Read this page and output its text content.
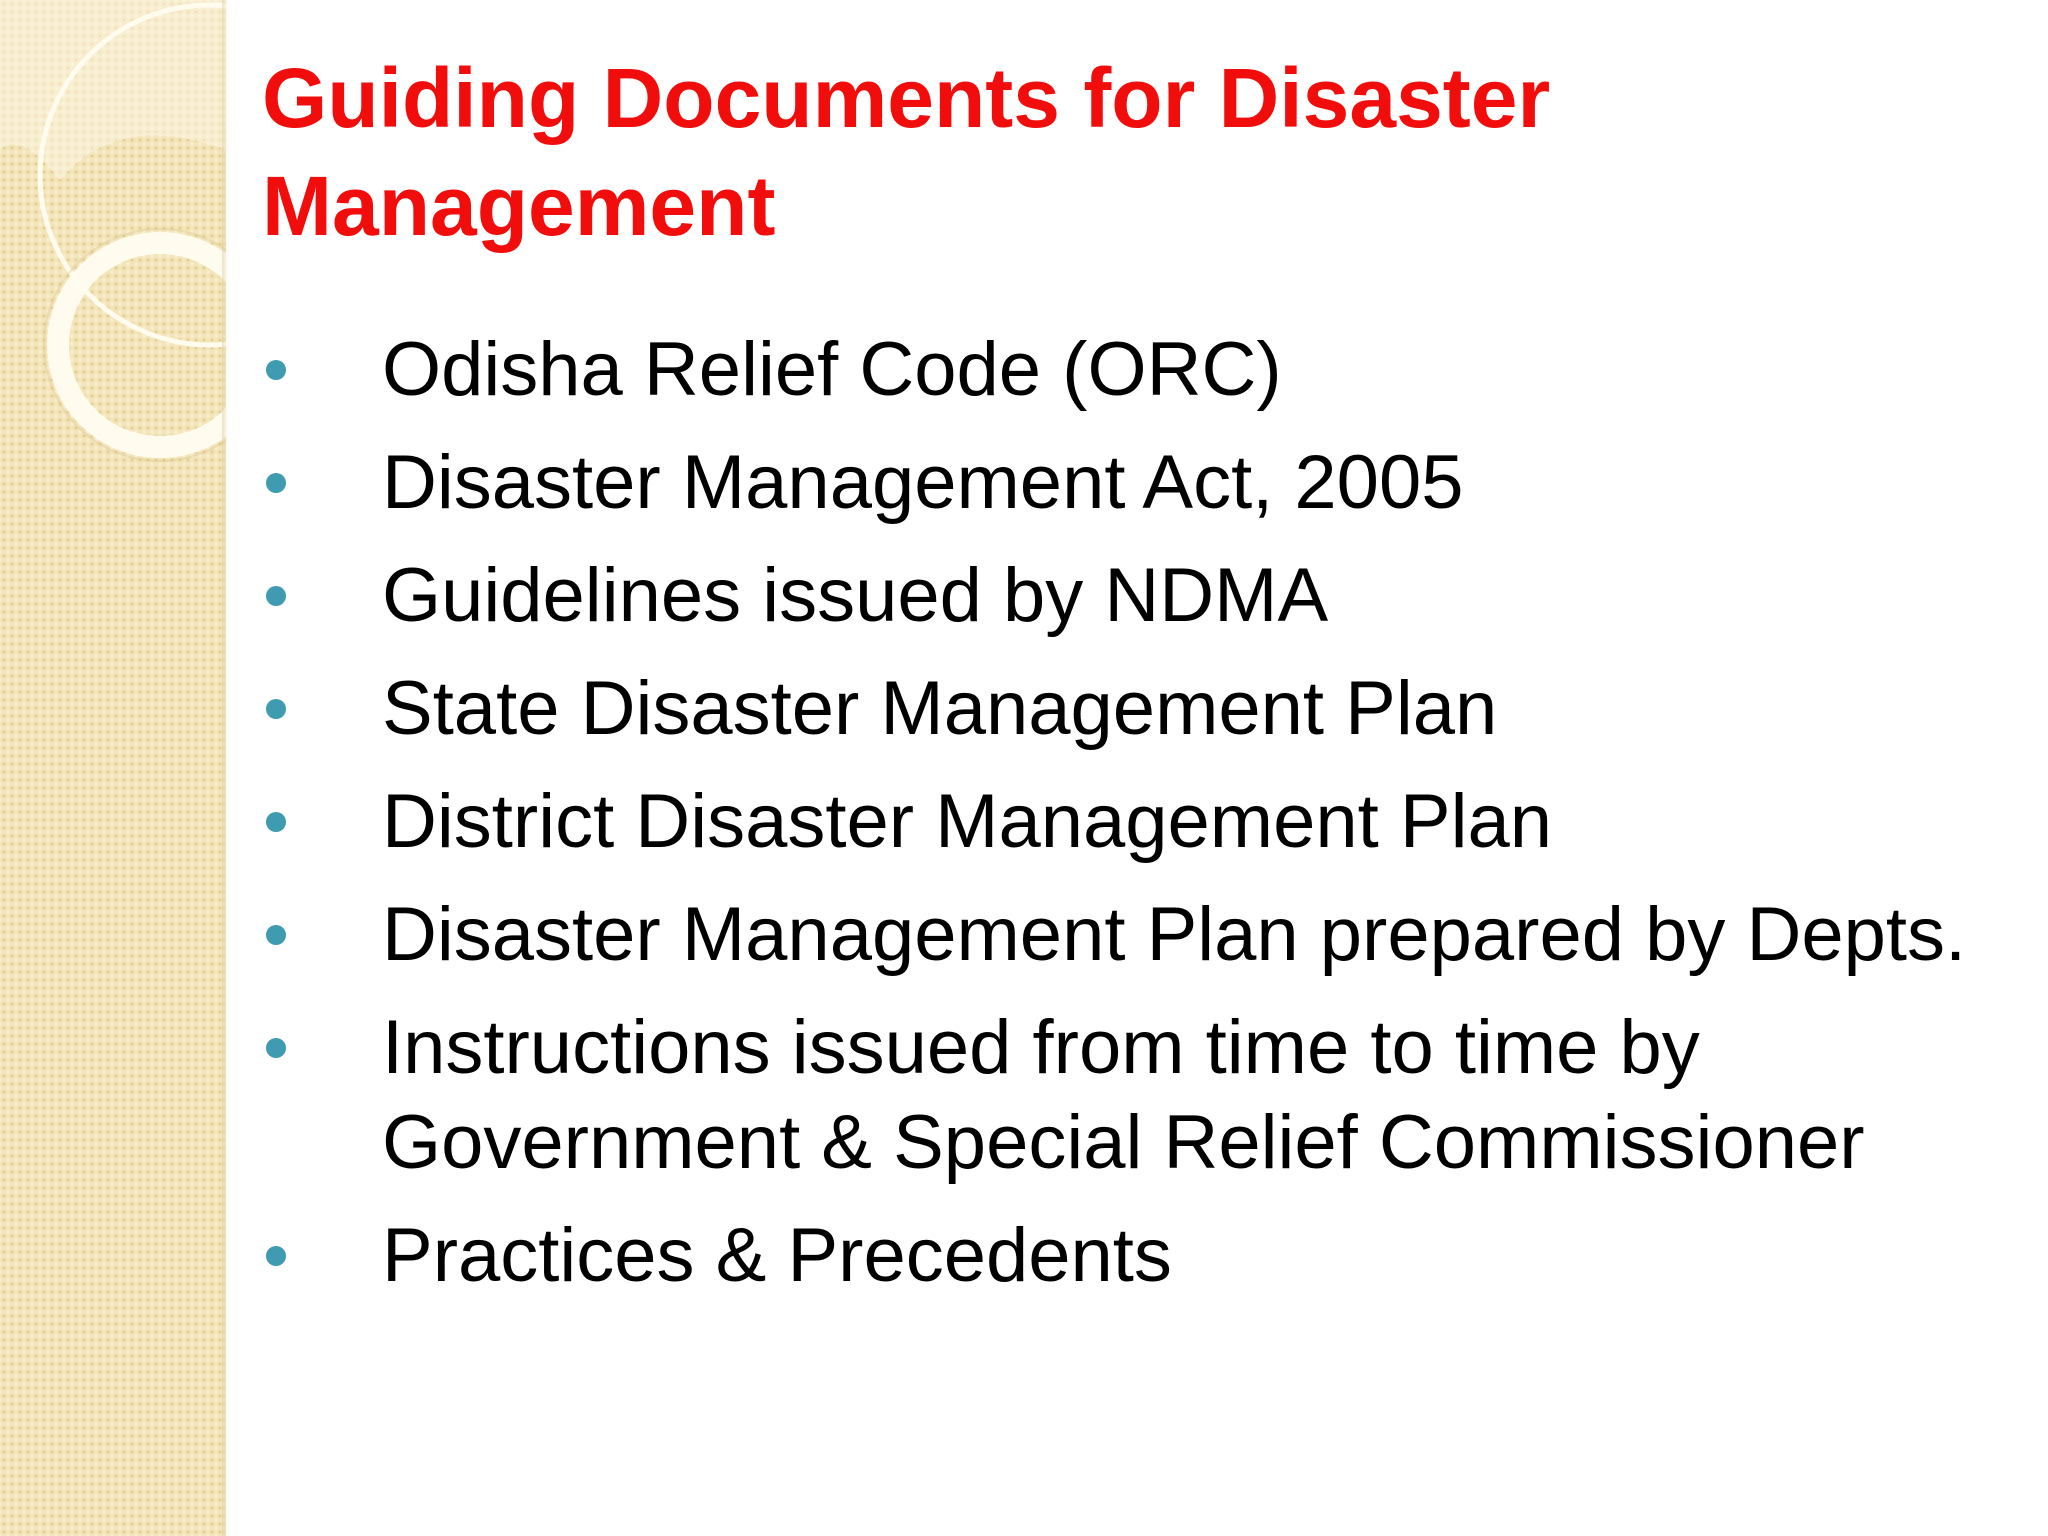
Guiding Documents for Disaster Management
Odisha Relief Code (ORC)
Disaster Management Act, 2005
Guidelines issued by NDMA
State Disaster Management Plan
District Disaster Management Plan
Disaster Management Plan prepared by Depts.
Instructions issued from time to time by Government & Special Relief Commissioner
Practices & Precedents
